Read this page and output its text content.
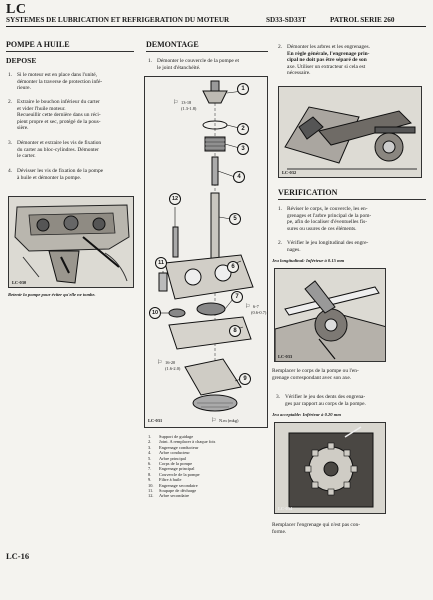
LC
SYSTEMES DE LUBRICATION ET REFRIGERATION DU MOTEUR	SD33-SD33T	PATROL SERIE 260
POMPE A HUILE
DEPOSE
1. Si le moteur est en place dans l'unité,
démonter la traverse de protection infé-
rieure.
2. Extraire le bouchon inférieur du carter
et vider l'huile moteur.
Recueuillir cette dernière dans un réci-
pient propre et sec, protégé de la pous-
sière.
3. Démonter et extraire les vis de fixation
du carter au bloc-cylindres. Démonter
le carter.
4. Dévisser les vis de fixation de la pompe
à huile et démonter la pompe.
LC-030
Retenir la pompe pour éviter qu'elle ne tombe.
DEMONTAGE
1. Démonter le couvercle de la pompe et
le joint d'étanchéité.
1
2
3
4
5
6
7
8
9
10
11
12
⚐ 13-18
(1.3-1.8)
⚐ 6-7
(0.6-0.7)
⚐ 16-20
(1.6-2.0)
⚐ N.m (mkg)
LC-031
1.	Support de guidage
2.	Joint. A remplacer à chaque fois
3.	Engrenage conducteur
4.	Arbre conducteur
5.	Arbre principal
6.	Corps de la pompe
7.	Engrenage principal
8.	Couvercle de la pompe
9.	Filtre à huile
10.	Engrenage secondaire
11.	Soupape de décharge
12.	Arbre secondaire
2. Démonter les arbres et les engrenages.
En règle générale, l'engrenage prin-
cipal ne doit pas être séparé de son
axe. Utiliser un extracteur si cela est
nécessaire.
LC-032
VERIFICATION
1. Réviser le corps, le couvercle, les en-
grenages et l'arbre principal de la pom-
pe, afin de localiser d'éventuelles fis-
sures ou usures de ces éléments.
2. Vérifier le jeu longitudinal des engre-
nages.
Jeu longitudinal: Inférieur à 0.15 mm
LC-033
Remplacer le corps de la pompe ou l'en-
grenage correspondant avec son axe.
3. Vérifier le jeu des dents des engrena-
ges par rapport au corps de la pompe.
Jeu acceptable: Inférieur à 0.20 mm
LC-034
Remplacer l'engrenage qui n'est pas con-
forme.
LC-16
